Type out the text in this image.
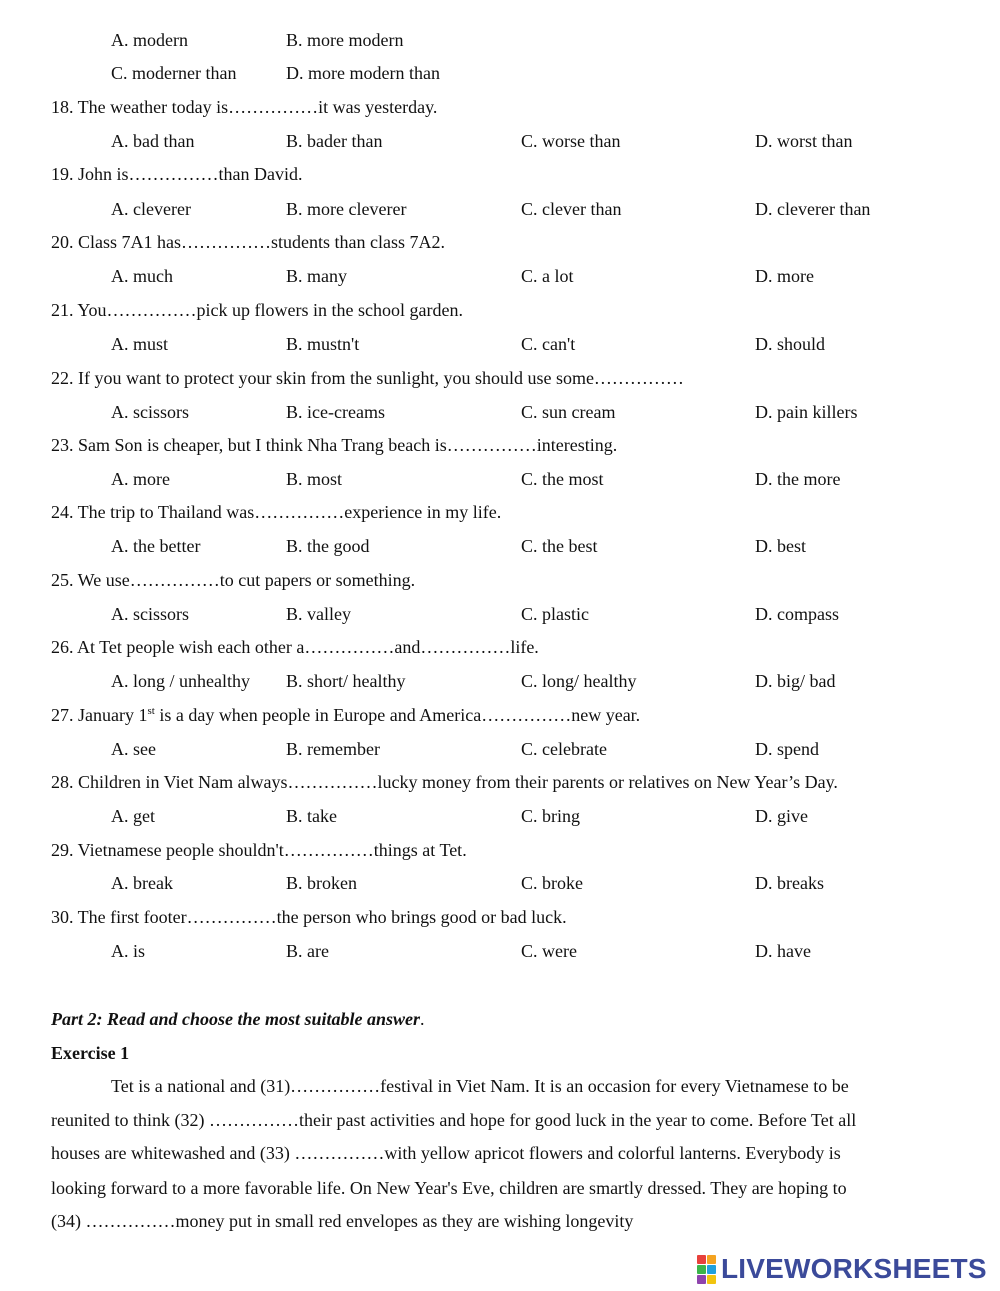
A. modern	B. more modern
C. moderner than	D. more modern than
18. The weather today is……………it was yesterday.
A. bad than	B. bader than	C. worse than	D. worst than
19. John is……………than David.
A. cleverer	B. more cleverer	C. clever than	D. cleverer than
20. Class 7A1 has……………students than class 7A2.
A. much	B. many	C. a lot	D. more
21. You……………pick up flowers in the school garden.
A. must	B. mustn't	C. can't	D. should
22. If you want to protect your skin from the sunlight, you should use some……………
A. scissors	B. ice-creams	C. sun cream	D. pain killers
23. Sam Son is cheaper, but I think Nha Trang beach is……………interesting.
A. more	B. most	C. the most	D. the more
24. The trip to Thailand was……………experience in my life.
A. the better	B. the good	C. the best	D. best
25. We use……………to cut papers or something.
A. scissors	B. valley	C. plastic	D. compass
26. At Tet people wish each other a……………and……………life.
A. long / unhealthy B. short/ healthy	C. long/ healthy	D. big/ bad
27. January 1st is a day when people in Europe and America……………new year.
A. see	B. remember	C. celebrate	D. spend
28. Children in Viet Nam always……………lucky money from their parents or relatives on New Year’s Day.
A. get	B. take	C. bring	D. give
29. Vietnamese people shouldn't……………things at Tet.
A. break	B. broken	C. broke	D. breaks
30. The first footer……………the person who brings good or bad luck.
A. is	B. are	C. were	D. have
Part 2: Read and choose the most suitable answer.
Exercise 1
Tet is a national and (31)……………festival in Viet Nam. It is an occasion for every Vietnamese to be
reunited to think (32) ……………their past activities and hope for good luck in the year to come. Before Tet all
houses are whitewashed and (33) ……………with yellow apricot flowers and colorful lanterns. Everybody is
looking forward to a more favorable life. On New Year's Eve, children are smartly dressed. They are hoping to
(34) ……………money put in small red envelopes as they are wishing longevity
LIVEWORKSHEETS
